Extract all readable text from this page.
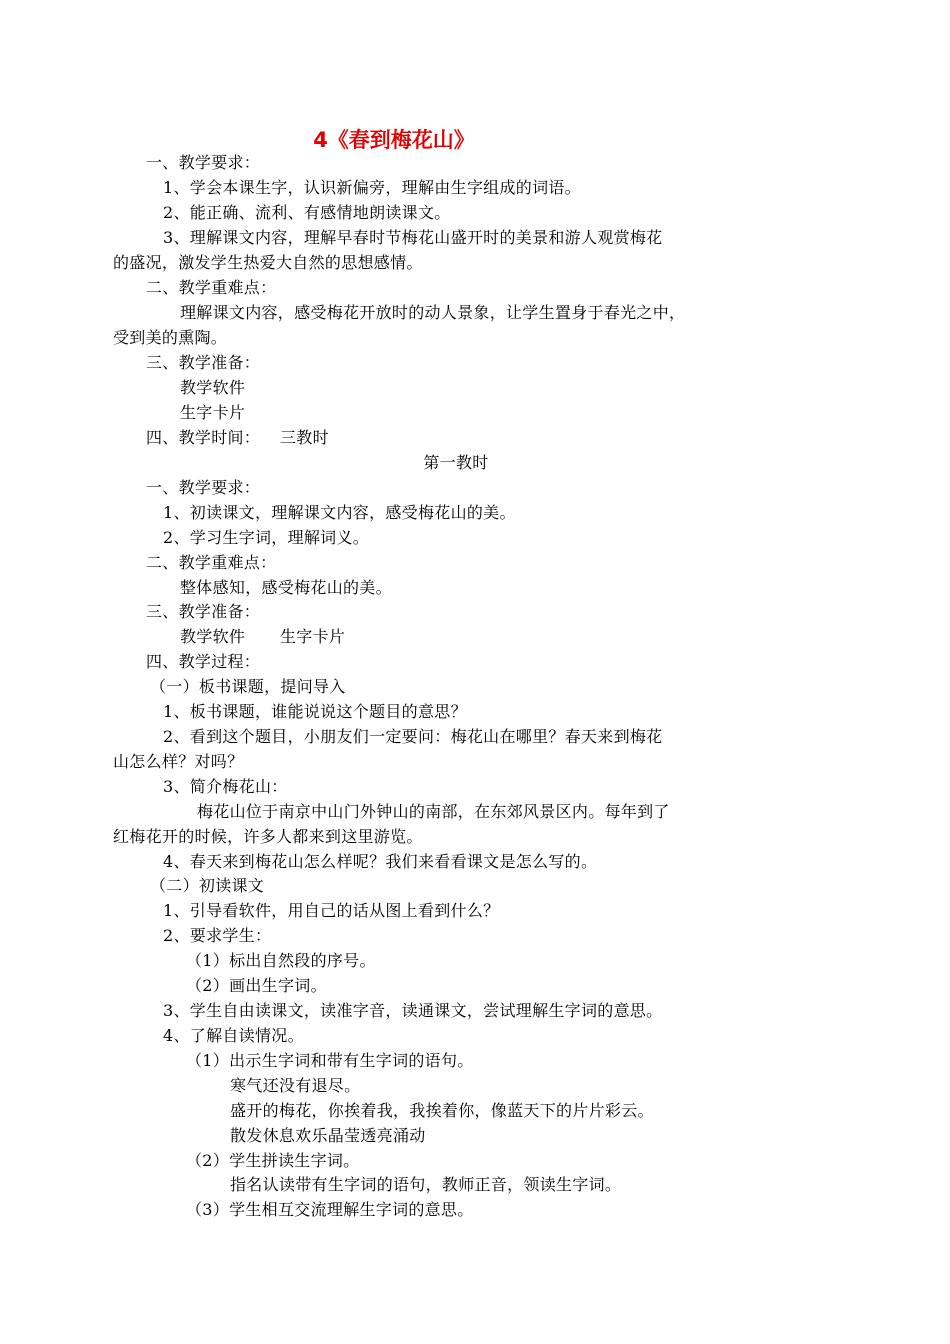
4《春到梅花山》
一、教学要求：
1、学会本课生字，认识新偏旁，理解由生字组成的词语。
2、能正确、流利、有感情地朗读课文。
3、理解课文内容，理解早春时节梅花山盛开时的美景和游人观赏梅花
的盛况，激发学生热爱大自然的思想感情。
二、教学重难点：
理解课文内容，感受梅花开放时的动人景象，让学生置身于春光之中，
受到美的熏陶。
三、教学准备：
教学软件
生字卡片
四、教学时间： 三教时
第一教时
一、教学要求：
1、初读课文，理解课文内容，感受梅花山的美。
2、学习生字词，理解词义。
二、教学重难点：
整体感知，感受梅花山的美。
三、教学准备：
教学软件 生字卡片
四、教学过程：
（一）板书课题，提问导入
1、板书课题，谁能说说这个题目的意思？
2、看到这个题目，小朋友们一定要问：梅花山在哪里？春天来到梅花
山怎么样？对吗？
3、简介梅花山：
梅花山位于南京中山门外钟山的南部，在东郊风景区内。每年到了
红梅花开的时候，许多人都来到这里游览。
4、春天来到梅花山怎么样呢？我们来看看课文是怎么写的。
（二）初读课文
1、引导看软件，用自己的话从图上看到什么？
2、要求学生：
（1）标出自然段的序号。
（2）画出生字词。
3、学生自由读课文，读准字音，读通课文，尝试理解生字词的意思。
4、了解自读情况。
（1）出示生字词和带有生字词的语句。
寒气还没有退尽。
盛开的梅花，你挨着我，我挨着你，像蓝天下的片片彩云。
散发休息欢乐晶莹透亮涌动
（2）学生拼读生字词。
指名认读带有生字词的语句，教师正音，领读生字词。
（3）学生相互交流理解生字词的意思。
